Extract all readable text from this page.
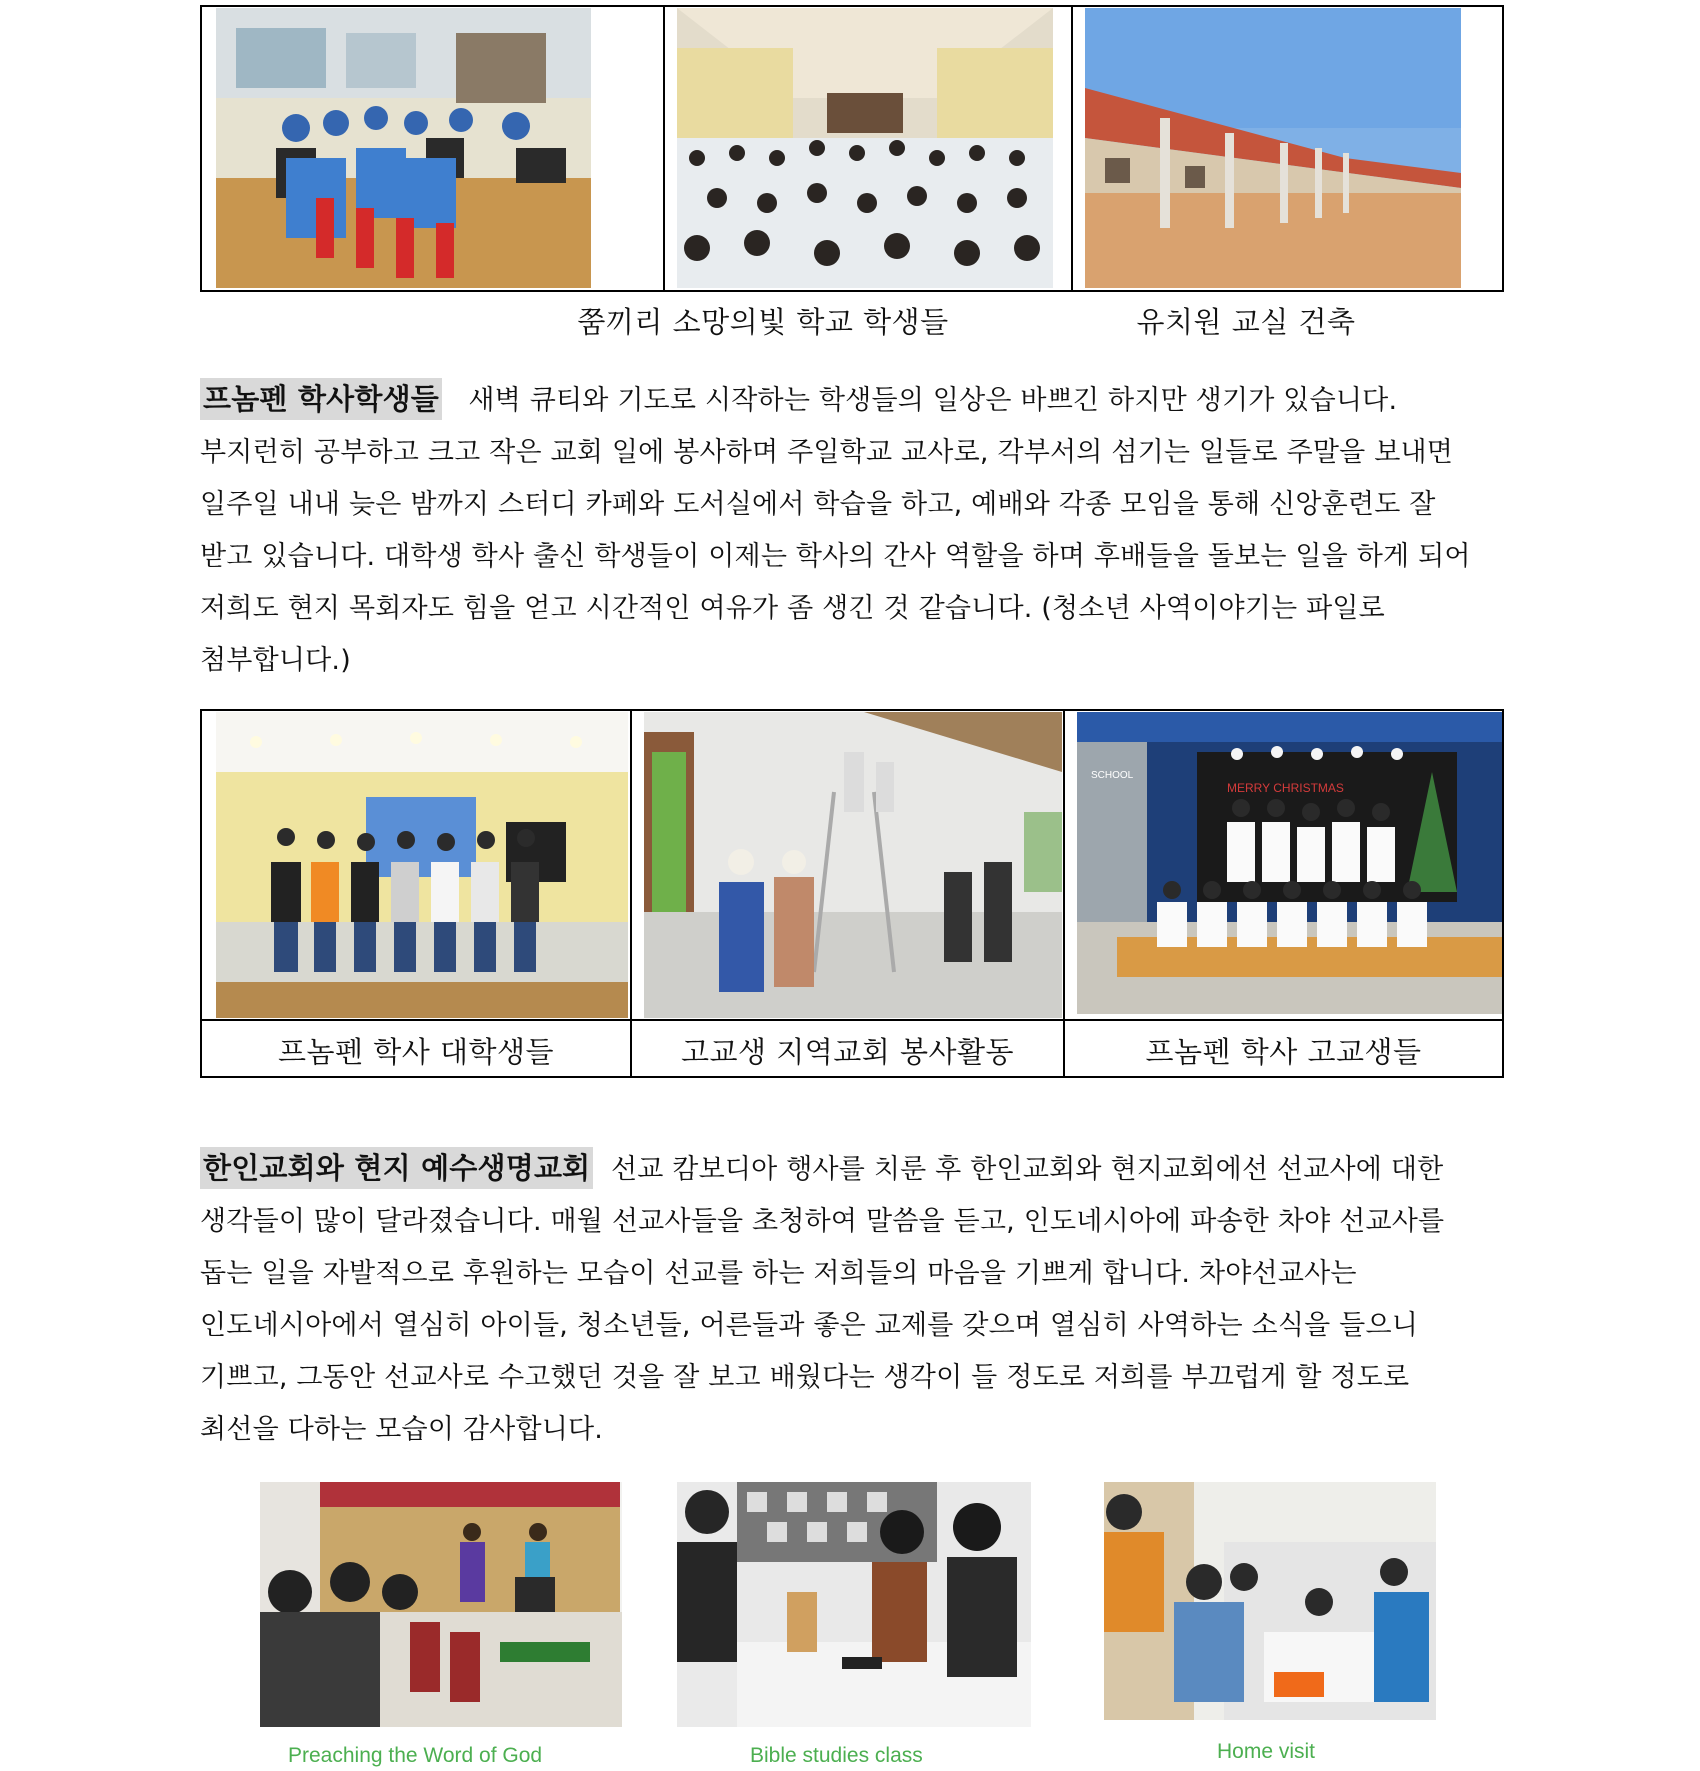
쭘끼리 소망의빛 학교 학생들	유치원 교실 건축

프놈펜 학사학생들 새벽 큐티와 기도로 시작하는 학생들의 일상은 바쁘긴 하지만 생기가 있습니다.

부지런히 공부하고 크고 작은 교회 일에 봉사하며 주일학교 교사로, 각부서의 섬기는 일들로 주말을 보내면

일주일 내내 늦은 밤까지 스터디 카페와 도서실에서 학습을 하고, 예배와 각종 모임을 통해 신앙훈련도 잘

받고 있습니다. 대학생 학사 출신 학생들이 이제는 학사의 간사 역할을 하며 후배들을 돌보는 일을 하게 되어

저희도 현지 목회자도 힘을 얻고 시간적인 여유가 좀 생긴 것 같습니다. (청소년 사역이야기는 파일로

첨부합니다.)

SCHOOL
MERRY CHRISTMAS
프놈펜 학사 대학생들	고교생 지역교회 봉사활동	프놈펜 학사 고교생들

한인교회와 현지 예수생명교회 선교 캄보디아 행사를 치룬 후 한인교회와 현지교회에선 선교사에 대한

생각들이 많이 달라졌습니다. 매월 선교사들을 초청하여 말씀을 듣고, 인도네시아에 파송한 차야 선교사를

돕는 일을 자발적으로 후원하는 모습이 선교를 하는 저희들의 마음을 기쁘게 합니다. 차야선교사는

인도네시아에서 열심히 아이들, 청소년들, 어른들과 좋은 교제를 갖으며 열심히 사역하는 소식을 들으니

기쁘고, 그동안 선교사로 수고했던 것을 잘 보고 배웠다는 생각이 들 정도로 저희를 부끄럽게 할 정도로

최선을 다하는 모습이 감사합니다.

Preaching the Word of God	Bible studies class	Home visit
